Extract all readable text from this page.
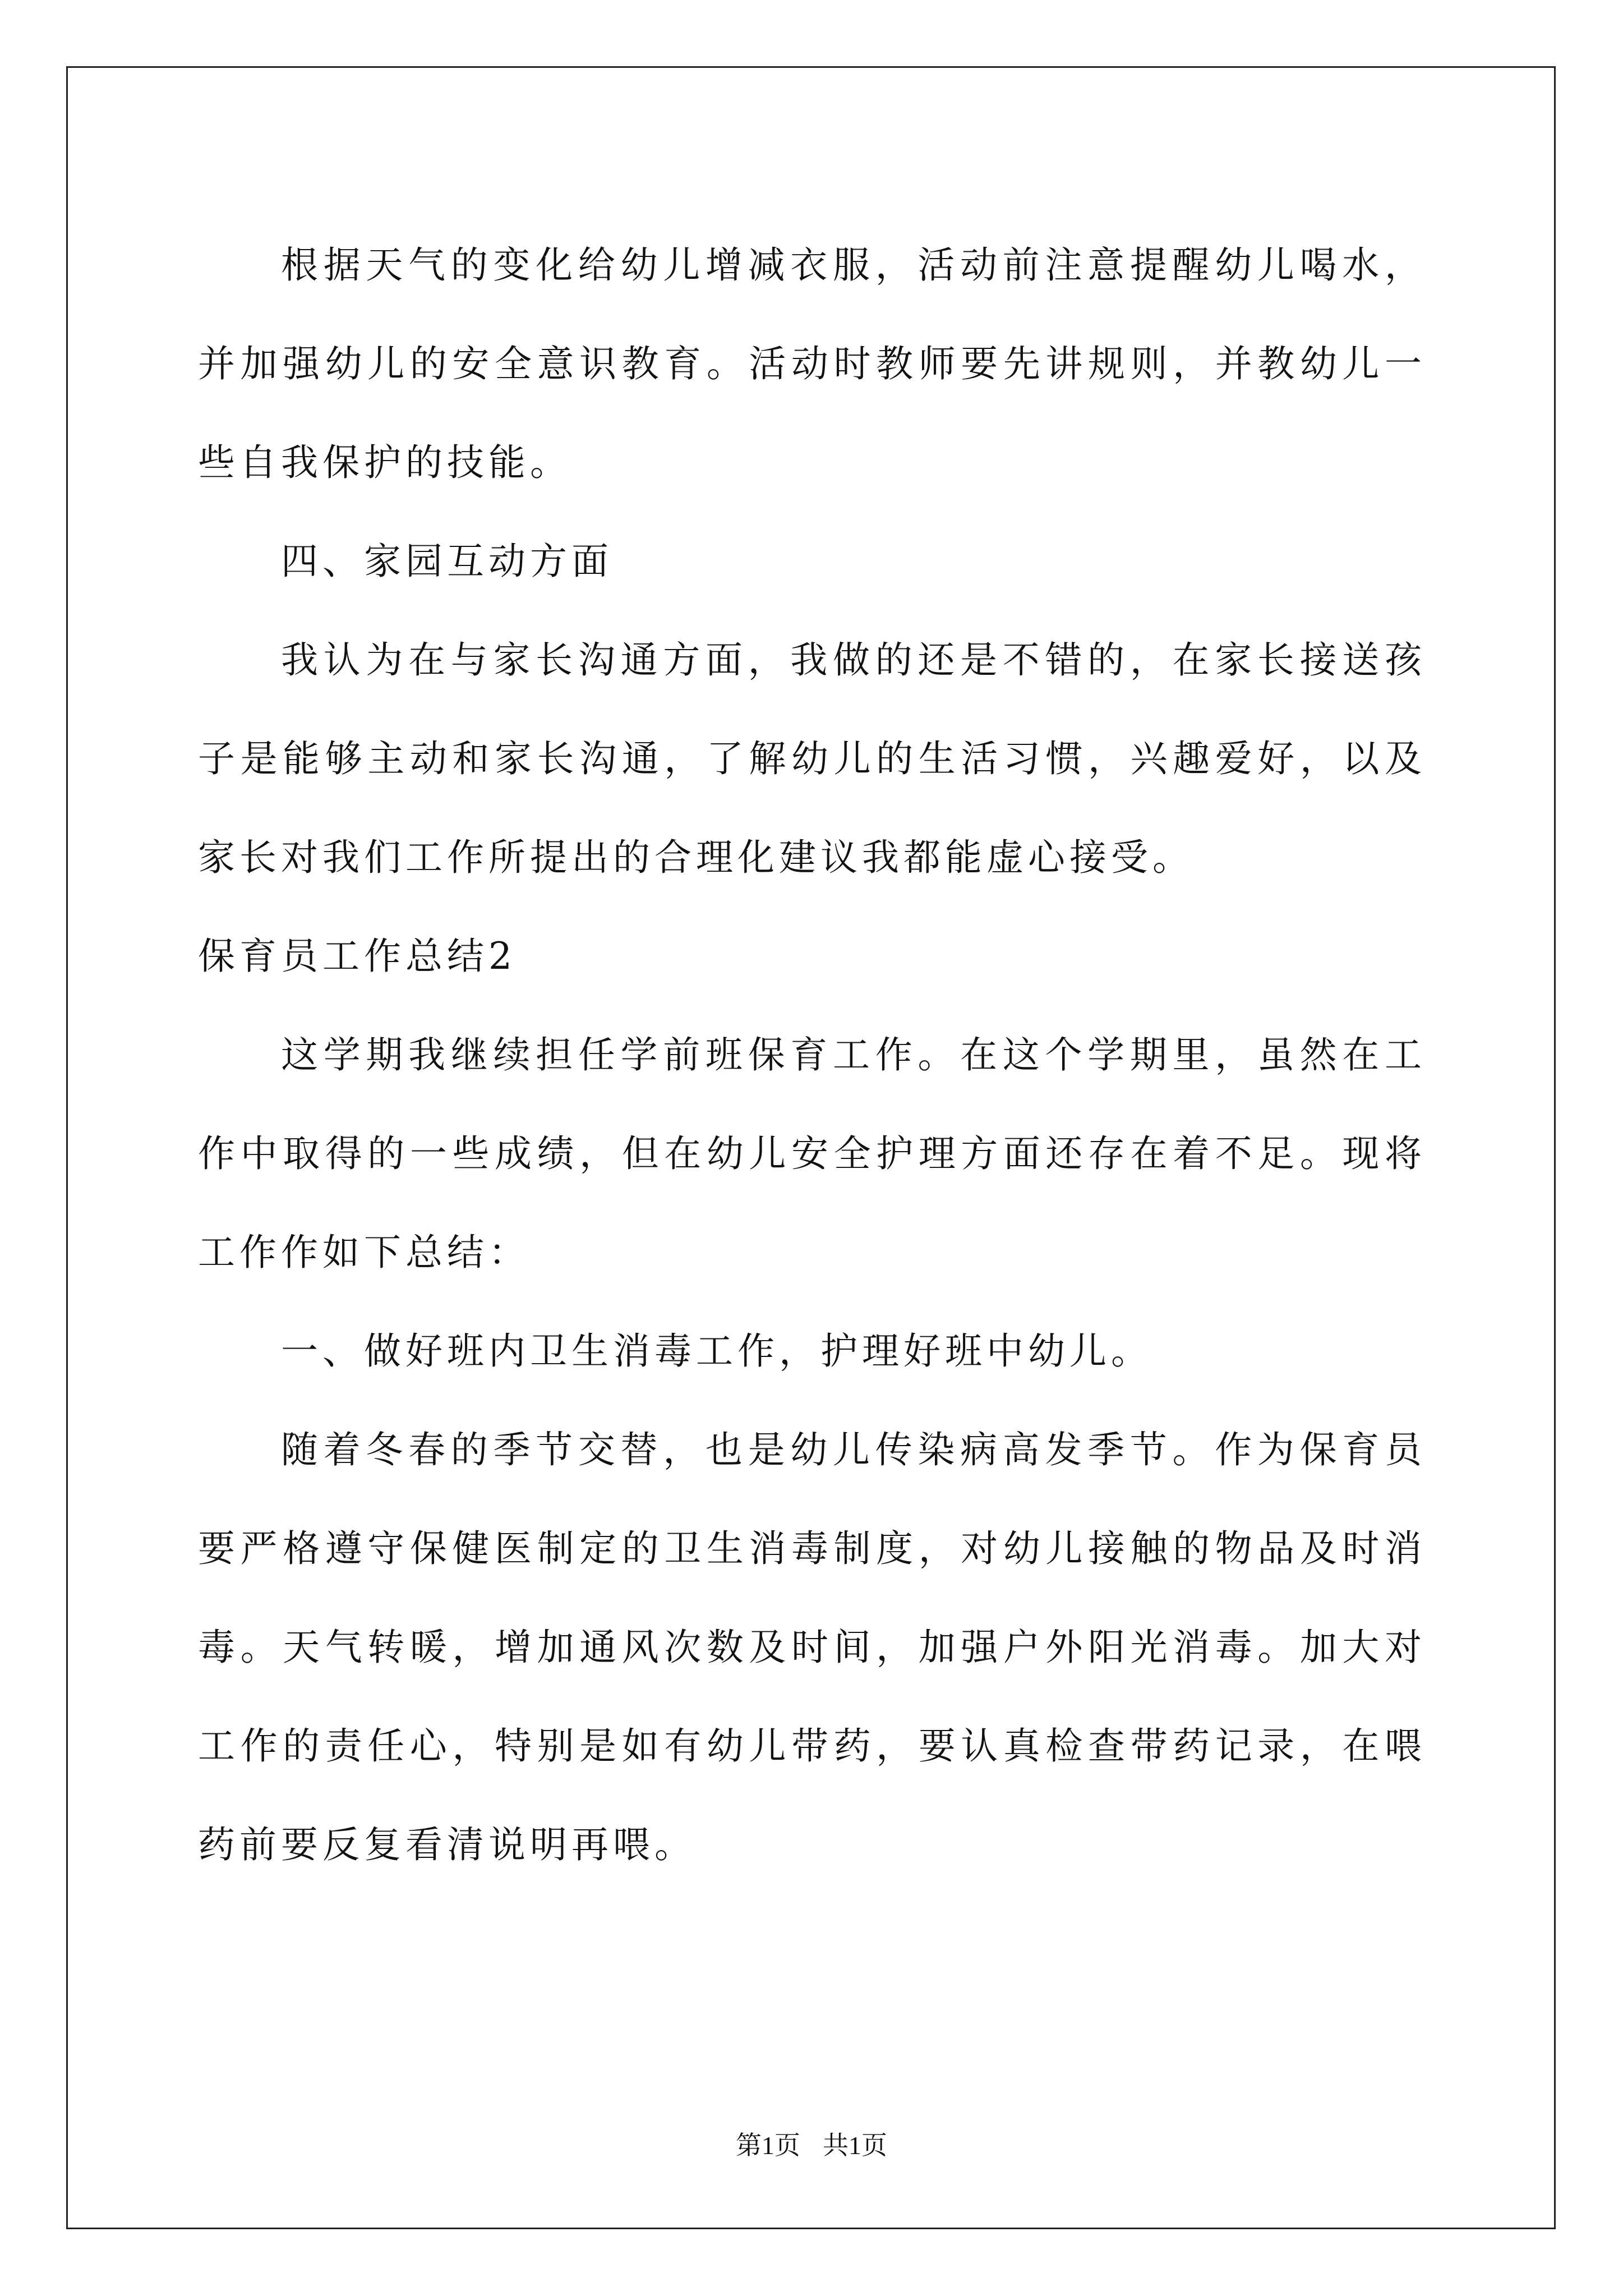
根据天气的变化给幼儿增减衣服，活动前注意提醒幼儿喝水，并加强幼儿的安全意识教育。活动时教师要先讲规则，并教幼儿一些自我保护的技能。

四、家园互动方面

我认为在与家长沟通方面，我做的还是不错的，在家长接送孩子是能够主动和家长沟通，了解幼儿的生活习惯，兴趣爱好，以及家长对我们工作所提出的合理化建议我都能虚心接受。

保育员工作总结2

这学期我继续担任学前班保育工作。在这个学期里，虽然在工作中取得的一些成绩，但在幼儿安全护理方面还存在着不足。现将工作作如下总结：

一、做好班内卫生消毒工作，护理好班中幼儿。

随着冬春的季节交替，也是幼儿传染病高发季节。作为保育员要严格遵守保健医制定的卫生消毒制度，对幼儿接触的物品及时消毒。天气转暖，增加通风次数及时间，加强户外阳光消毒。加大对工作的责任心，特别是如有幼儿带药，要认真检查带药记录，在喂药前要反复看清说明再喂。

第1页 共1页
